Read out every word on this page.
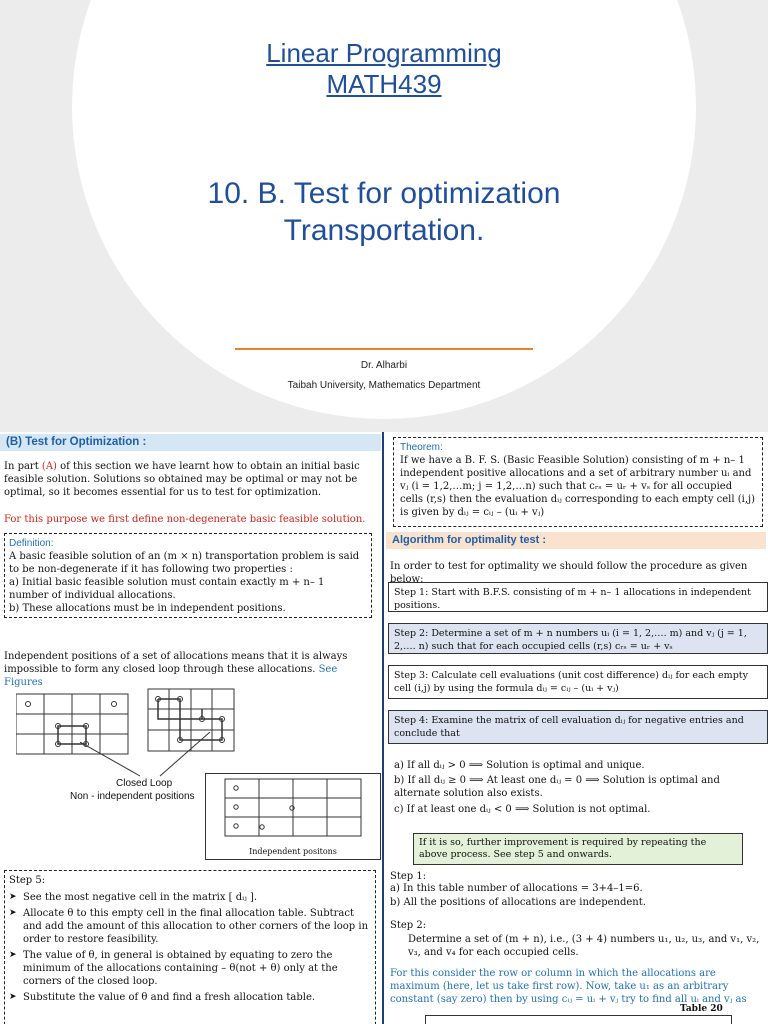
Linear Programming
MATH439
10. B. Test for optimization
Transportation.
Dr. Alharbi
Taibah University, Mathematics Department
(B) Test for Optimization :
In part (A) of this section we have learnt how to obtain an initial basic feasible solution. Solutions so obtained may be optimal or may not be optimal, so it becomes essential for us to test for optimization.
For this purpose we first define non-degenerate basic feasible solution.
Definition:
A basic feasible solution of an (m × n) transportation problem is said to be non-degenerate if it has following two properties :
a) Initial basic feasible solution must contain exactly m + n– 1 number of individual allocations.
b) These allocations must be in independent positions.
Independent positions of a set of allocations means that it is always impossible to form any closed loop through these allocations. See Figures
Closed Loop
Non - independent positions
Independent positons
Step 5:
➤ See the most negative cell in the matrix [ dᵢⱼ ].
➤ Allocate θ to this empty cell in the final allocation table. Subtract and add the amount of this allocation to other corners of the loop in order to restore feasibility.
➤ The value of θ, in general is obtained by equating to zero the minimum of the allocations containing – θ(not + θ) only at the corners of the closed loop.
➤ Substitute the value of θ and find a fresh allocation table.
Theorem:
If we have a B. F. S. (Basic Feasible Solution) consisting of m + n– 1 independent positive allocations and a set of arbitrary number uᵢ and vⱼ (i = 1,2,…m; j = 1,2,…n) such that cᵣₛ = uᵣ + vₛ for all occupied cells (r,s) then the evaluation dᵢⱼ corresponding to each empty cell (i,j) is given by dᵢⱼ = cᵢⱼ – (uᵢ + vⱼ)
Algorithm for optimality test :
In order to test for optimality we should follow the procedure as given below:
Step 1: Start with B.F.S. consisting of m + n– 1 allocations in independent positions.
Step 2: Determine a set of m + n numbers uᵢ (i = 1, 2,…. m) and vⱼ (j = 1, 2,…. n) such that for each occupied cells (r,s) cᵣₛ = uᵣ + vₛ
Step 3: Calculate cell evaluations (unit cost difference) dᵢⱼ for each empty cell (i,j) by using the formula dᵢⱼ = cᵢⱼ – (uᵢ + vⱼ)
Step 4: Examine the matrix of cell evaluation dᵢⱼ for negative entries and conclude that
a) If all dᵢⱼ > 0 ⟹ Solution is optimal and unique.
b) If all dᵢⱼ ≥ 0 ⟹ At least one dᵢⱼ = 0 ⟹ Solution is optimal and alternate solution also exists.
c) If at least one dᵢⱼ < 0 ⟹ Solution is not optimal.
If it is so, further improvement is required by repeating the above process. See step 5 and onwards.
Step 1:
a) In this table number of allocations = 3+4–1=6.
b) All the positions of allocations are independent.
Step 2:
Determine a set of (m + n), i.e., (3 + 4) numbers u₁, u₂, u₃, and v₁, v₂, v₃, and v₄ for each occupied cells.
For this consider the row or column in which the allocations are maximum (here, let us take first row). Now, take u₁ as an arbitrary constant (say zero) then by using cᵢⱼ = uᵢ + vⱼ try to find all uᵢ and vⱼ as
Table 20
